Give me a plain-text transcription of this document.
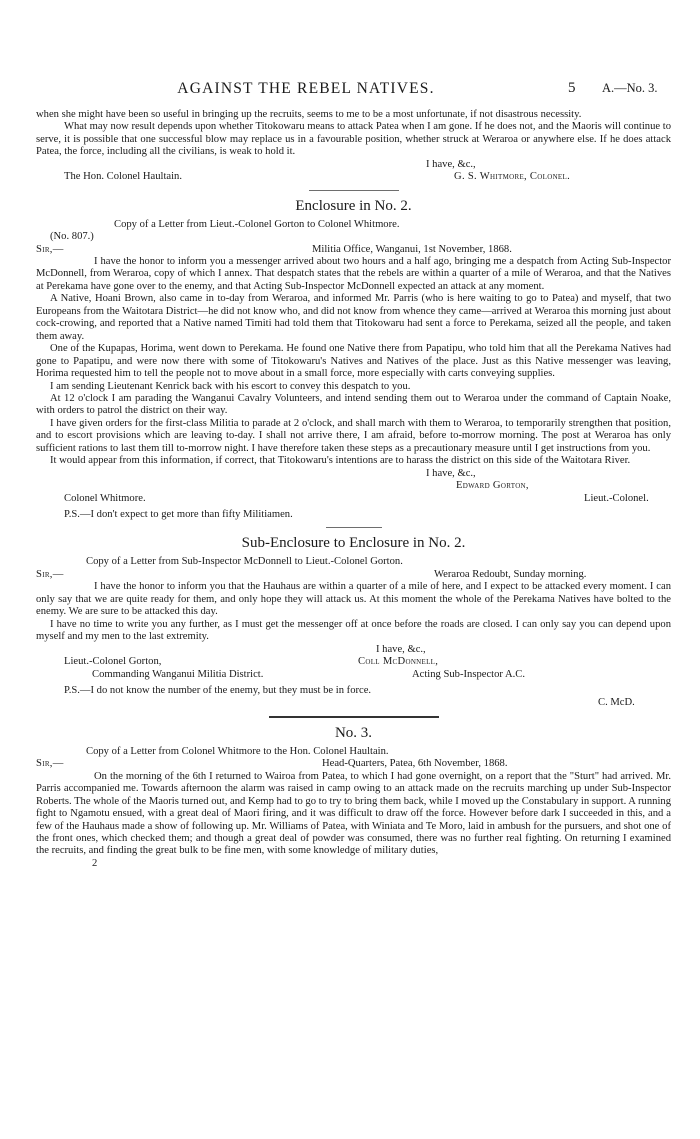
AGAINST THE REBEL NATIVES.	5 A.—No. 3.

when she might have been so useful in bringing up the recruits, seems to me to be a most unfortunate, if not disastrous necessity.

What may now result depends upon whether Titokowaru means to attack Patea when I am gone. If he does not, and the Maoris will continue to serve, it is possible that one successful blow may replace us in a favourable position, whether struck at Weraroa or anywhere else. If he does attack Patea, the force, including all the civilians, is weak to hold it.

I have, &c.,
The Hon. Colonel Haultain.	G. S. Whitmore, Colonel.
Enclosure in No. 2.

Copy of a Letter from Lieut.-Colonel Gorton to Colonel Whitmore.

(No. 807.)
Sir,—	Militia Office, Wanganui, 1st November, 1868.

I have the honor to inform you a messenger arrived about two hours and a half ago, bringing me a despatch from Acting Sub-Inspector McDonnell, from Weraroa, copy of which I annex. That despatch states that the rebels are within a quarter of a mile of Weraroa, and that the Natives at Perekama have gone over to the enemy, and that Acting Sub-Inspector McDonnell expected an attack at any moment.

A Native, Hoani Brown, also came in to-day from Weraroa, and informed Mr. Parris (who is here waiting to go to Patea) and myself, that two Europeans from the Waitotara District—he did not know who, and did not know from whence they came—arrived at Weraroa this morning just about cock-crowing, and reported that a Native named Timiti had told them that Titokowaru had sent a force to Perekama, seized all the people, and taken them away.

One of the Kupapas, Horima, went down to Perekama. He found one Native there from Papatipu, who told him that all the Perekama Natives had gone to Papatipu, and were now there with some of Titokowaru's Natives and Natives of the place. Just as this Native messenger was leaving, Horima requested him to tell the people not to move about in a small force, more especially with carts conveying supplies.

I am sending Lieutenant Kenrick back with his escort to convey this despatch to you.

At 12 o'clock I am parading the Wanganui Cavalry Volunteers, and intend sending them out to Weraroa under the command of Captain Noake, with orders to patrol the district on their way.

I have given orders for the first-class Militia to parade at 2 o'clock, and shall march with them to Weraroa, to temporarily strengthen that position, and to escort provisions which are leaving to-day. I shall not arrive there, I am afraid, before to-morrow morning. The post at Weraroa has only sufficient rations to last them till to-morrow night. I have therefore taken these steps as a precautionary measure until I get instructions from you.

It would appear from this information, if correct, that Titokowaru's intentions are to harass the district on this side of the Waitotara River.

I have, &c.,
Edward Gorton,
Colonel Whitmore.	Lieut.-Colonel.

P.S.—I don't expect to get more than fifty Militiamen.

Sub-Enclosure to Enclosure in No. 2.

Copy of a Letter from Sub-Inspector McDonnell to Lieut.-Colonel Gorton.

Sir,—	Weraroa Redoubt, Sunday morning.

I have the honor to inform you that the Hauhaus are within a quarter of a mile of here, and I expect to be attacked every moment. I can only say that we are quite ready for them, and only hope they will attack us. At this moment the whole of the Perekama Natives have bolted to the enemy. We are sure to be attacked this day.

I have no time to write you any further, as I must get the messenger off at once before the roads are closed. I can only say you can depend upon myself and my men to the last extremity.

I have, &c.,
Lieut.-Colonel Gorton,	Coll McDonnell,
Commanding Wanganui Militia District.	Acting Sub-Inspector A.C.

P.S.—I do not know the number of the enemy, but they must be in force.

C. McD.
No. 3.

Copy of a Letter from Colonel Whitmore to the Hon. Colonel Haultain.

Sir,—	Head-Quarters, Patea, 6th November, 1868.

On the morning of the 6th I returned to Wairoa from Patea, to which I had gone overnight, on a report that the "Sturt" had arrived. Mr. Parris accompanied me. Towards afternoon the alarm was raised in camp owing to an attack made on the recruits marching up under Sub-Inspector Roberts. The whole of the Maoris turned out, and Kemp had to go to try to bring them back, while I moved up the Constabulary in support. A running fight to Ngamotu ensued, with a great deal of Maori firing, and it was difficult to draw off the force. However before dark I succeeded in this, and a few of the Hauhaus made a show of following up. Mr. Williams of Patea, with Winiata and Te Moro, laid in ambush for the pursuers, and shot one of the front ones, which checked them; and though a great deal of powder was consumed, there was no further real fighting. On returning I examined the recruits, and finding the great bulk to be fine men, with some knowledge of military duties,

2
